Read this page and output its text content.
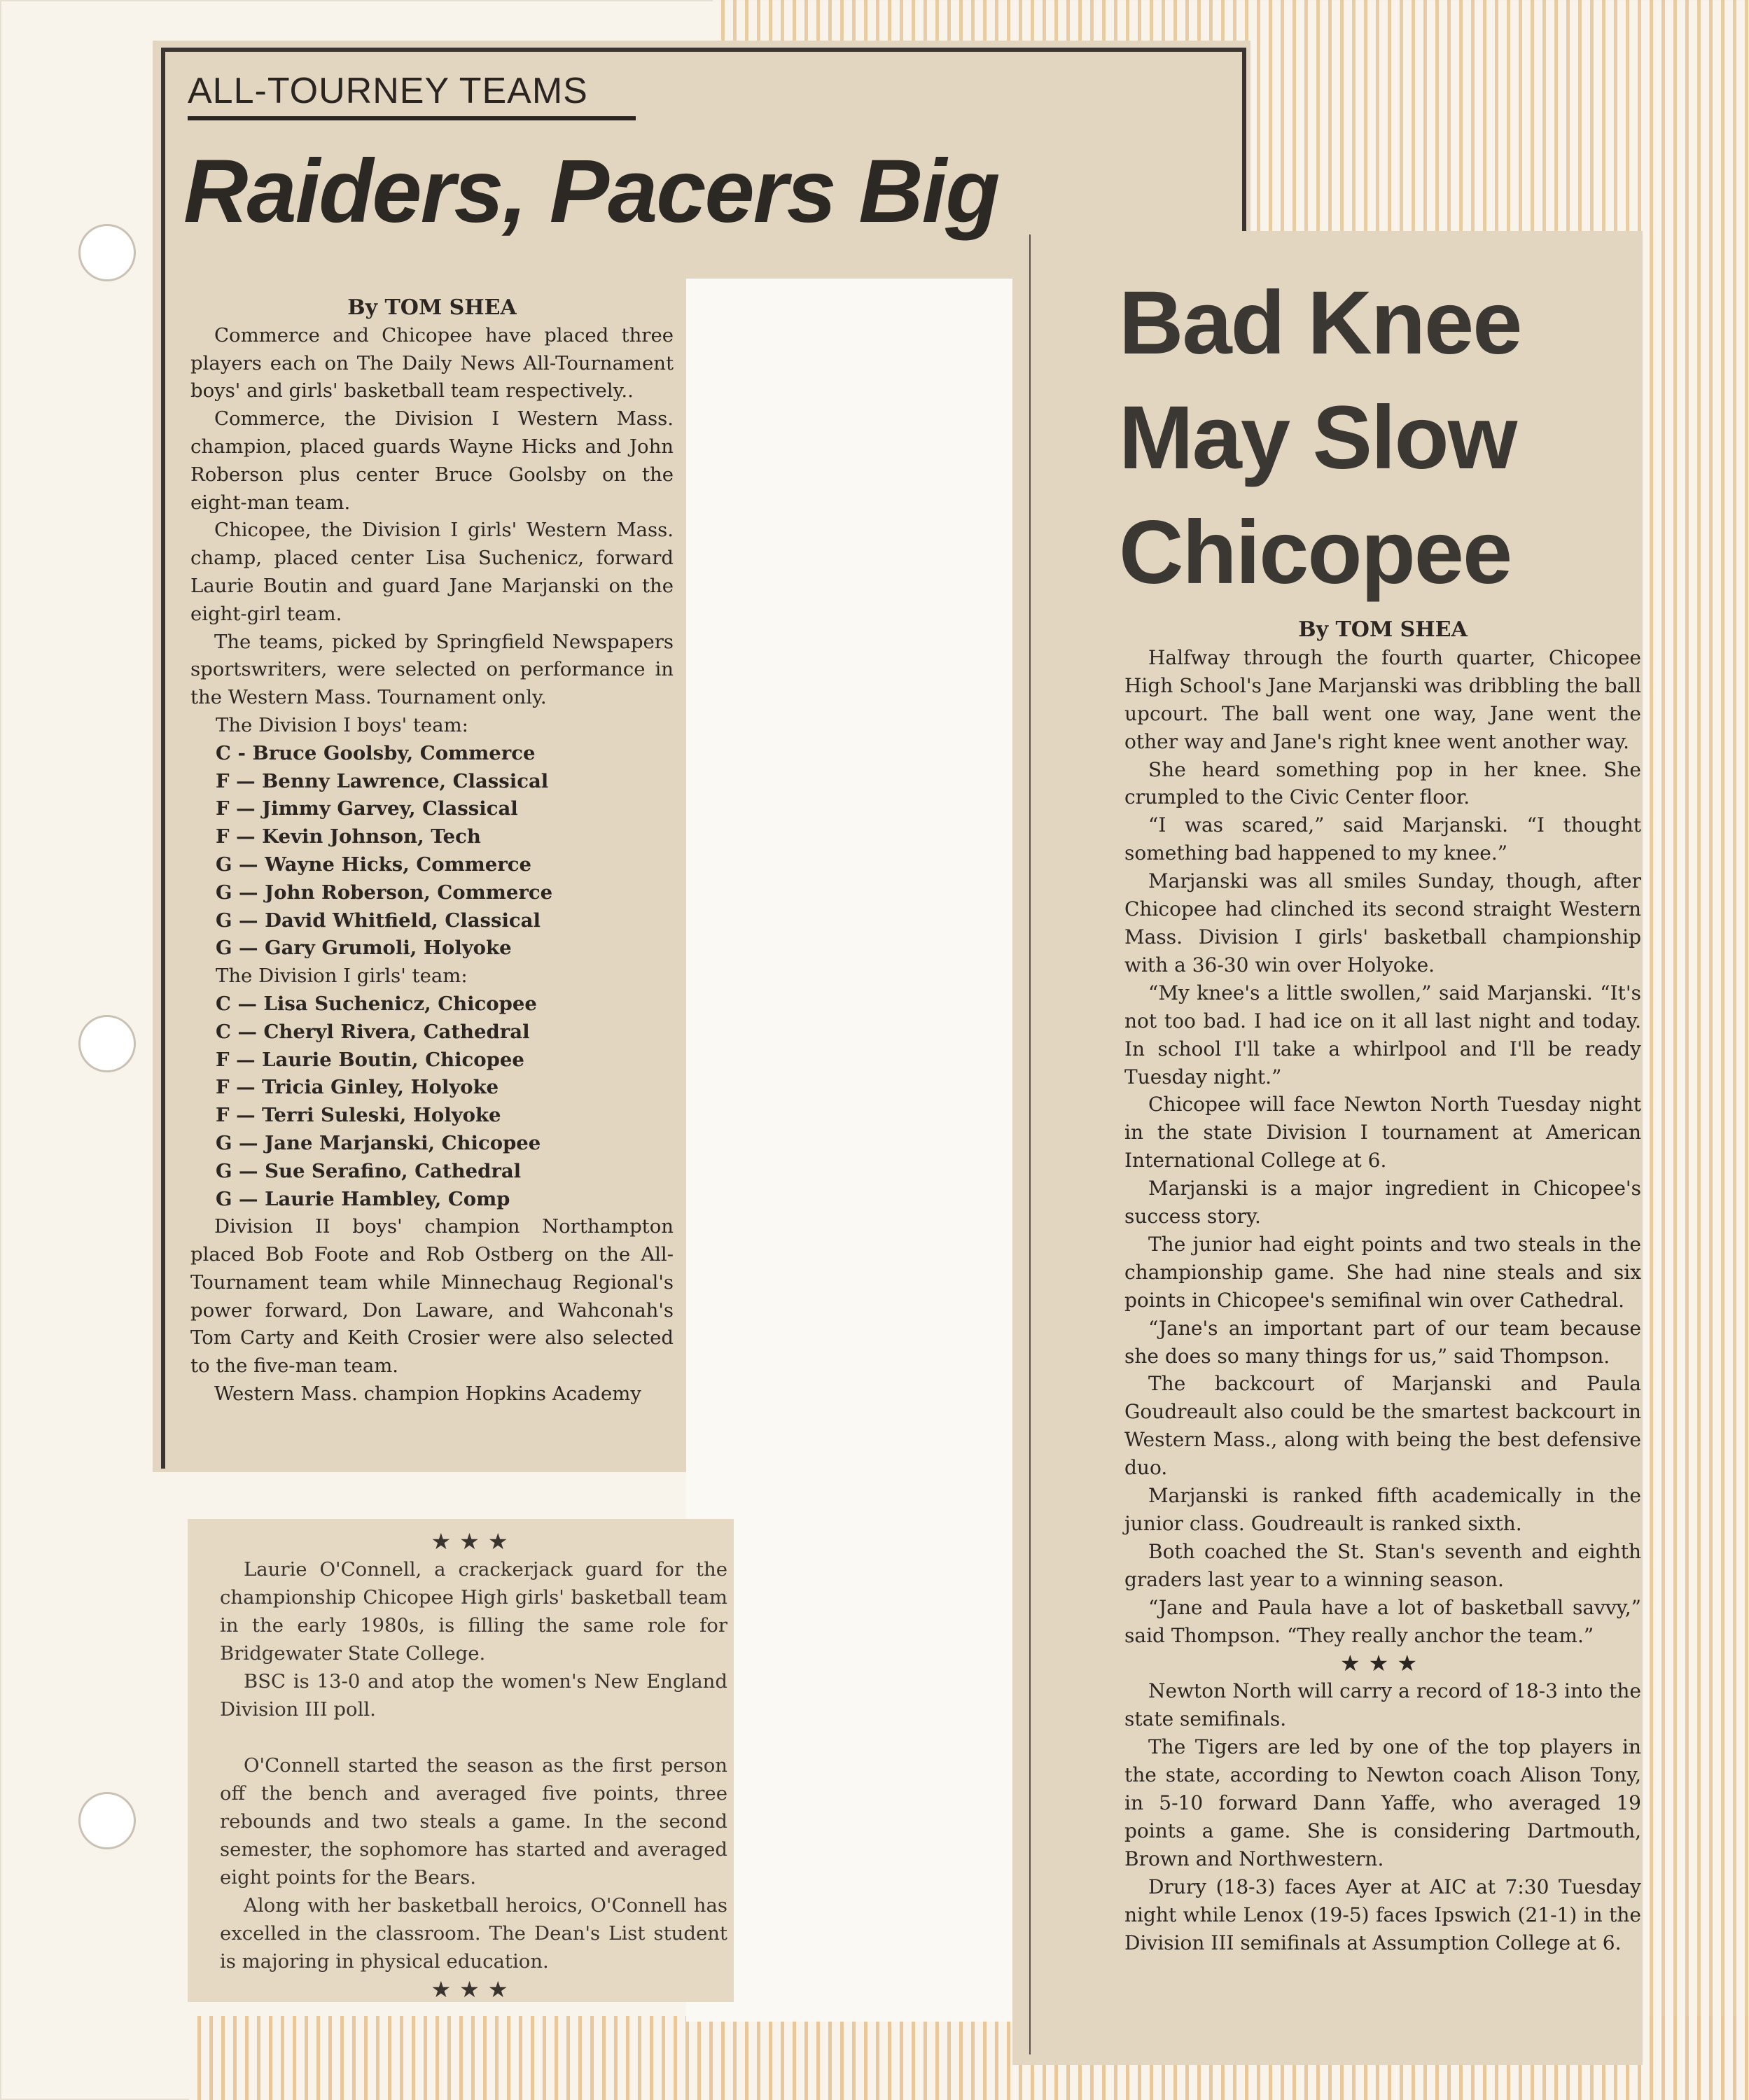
ALL-TOURNEY TEAMS
Raiders, Pacers Big
By TOM SHEA

Commerce and Chicopee have placed three players each on The Daily News All-Tournament boys' and girls' basketball team respectively..

Commerce, the Division I Western Mass. champion, placed guards Wayne Hicks and John Roberson plus center Bruce Goolsby on the eight-man team.

Chicopee, the Division I girls' Western Mass. champ, placed center Lisa Suchenicz, forward Laurie Boutin and guard Jane Marjanski on the eight-girl team.

The teams, picked by Springfield Newspapers sportswriters, were selected on performance in the Western Mass. Tournament only.

The Division I boys' team:
C - Bruce Goolsby, Commerce
F — Benny Lawrence, Classical
F — Jimmy Garvey, Classical
F — Kevin Johnson, Tech
G — Wayne Hicks, Commerce
G — John Roberson, Commerce
G — David Whitfield, Classical
G — Gary Grumoli, Holyoke
The Division I girls' team:
C — Lisa Suchenicz, Chicopee
C — Cheryl Rivera, Cathedral
F — Laurie Boutin, Chicopee
F — Tricia Ginley, Holyoke
F — Terri Suleski, Holyoke
G — Jane Marjanski, Chicopee
G — Sue Serafino, Cathedral
G — Laurie Hambley, Comp

Division II boys' champion Northampton placed Bob Foote and Rob Ostberg on the All-Tournament team while Minnechaug Regional's power forward, Don Laware, and Wahconah's Tom Carty and Keith Crosier were also selected to the five-man team.

Western Mass. champion Hopkins Academy

★★★

Laurie O'Connell, a crackerjack guard for the championship Chicopee High girls' basketball team in the early 1980s, is filling the same role for Bridgewater State College.

BSC is 13-0 and atop the women's New England Division III poll.

O'Connell started the season as the first person off the bench and averaged five points, three rebounds and two steals a game. In the second semester, the sophomore has started and averaged eight points for the Bears.

Along with her basketball heroics, O'Connell has excelled in the classroom. The Dean's List student is majoring in physical education.

★★★
Bad Knee
May Slow
Chicopee
By TOM SHEA

Halfway through the fourth quarter, Chicopee High School's Jane Marjanski was dribbling the ball upcourt. The ball went one way, Jane went the other way and Jane's right knee went another way.

She heard something pop in her knee. She crumpled to the Civic Center floor.

“I was scared,” said Marjanski. “I thought something bad happened to my knee.”

Marjanski was all smiles Sunday, though, after Chicopee had clinched its second straight Western Mass. Division I girls' basketball championship with a 36-30 win over Holyoke.

“My knee's a little swollen,” said Marjanski. “It's not too bad. I had ice on it all last night and today. In school I'll take a whirlpool and I'll be ready Tuesday night.”

Chicopee will face Newton North Tuesday night in the state Division I tournament at American International College at 6.

Marjanski is a major ingredient in Chicopee's success story.

The junior had eight points and two steals in the championship game. She had nine steals and six points in Chicopee's semifinal win over Cathedral.

“Jane's an important part of our team because she does so many things for us,” said Thompson.

The backcourt of Marjanski and Paula Goudreault also could be the smartest backcourt in Western Mass., along with being the best defensive duo.

Marjanski is ranked fifth academically in the junior class. Goudreault is ranked sixth.

Both coached the St. Stan's seventh and eighth graders last year to a winning season.

“Jane and Paula have a lot of basketball savvy,” said Thompson. “They really anchor the team.”

★★★

Newton North will carry a record of 18-3 into the state semifinals.

The Tigers are led by one of the top players in the state, according to Newton coach Alison Tony, in 5-10 forward Dann Yaffe, who averaged 19 points a game. She is considering Dartmouth, Brown and Northwestern.

Drury (18-3) faces Ayer at AIC at 7:30 Tuesday night while Lenox (19-5) faces Ipswich (21-1) in the Division III semifinals at Assumption College at 6.
